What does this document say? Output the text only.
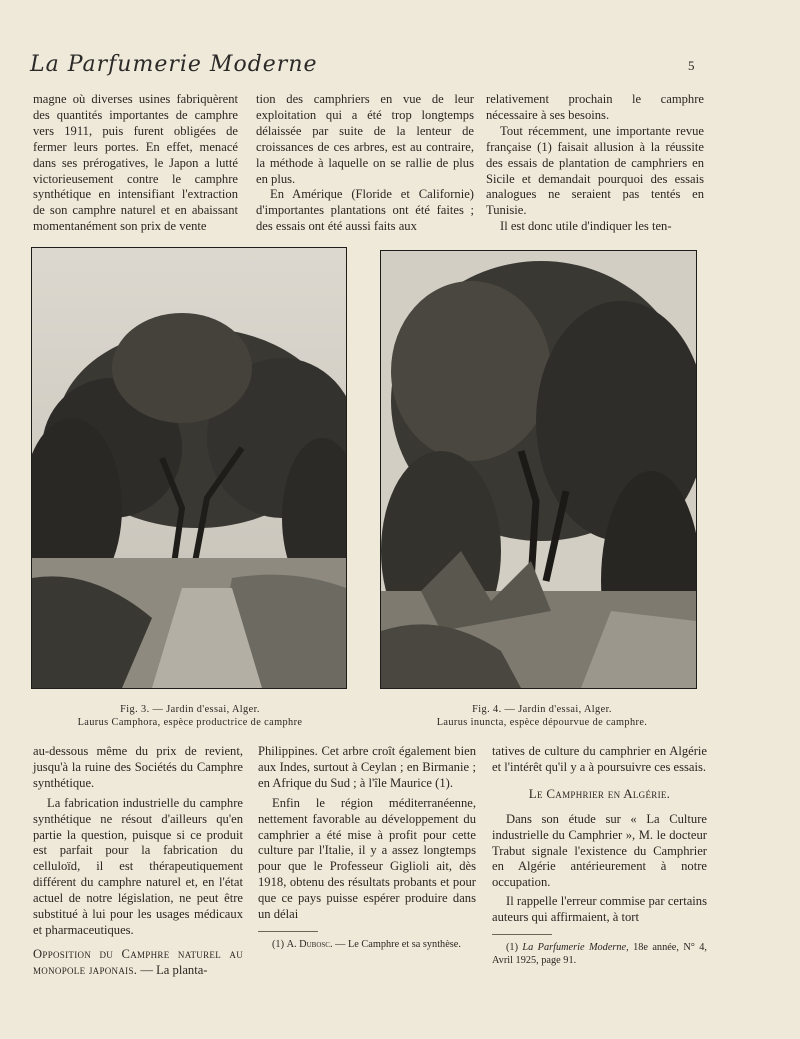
La Parfumerie Moderne	5

magne où diverses usines fabriquèrent des quantités importantes de camphre vers 1911, puis furent obligées de fermer leurs portes. En effet, menacé dans ses prérogatives, le Japon a lutté victorieusement contre le camphre synthétique en intensifiant l'extraction de son camphre naturel et en abaissant momentanément son prix de vente

tion des camphriers en vue de leur exploitation qui a été trop longtemps délaissée par suite de la lenteur de croissances de ces arbres, est au contraire, la méthode à laquelle on se rallie de plus en plus.

En Amérique (Floride et Californie) d'importantes plantations ont été faites ; des essais ont été aussi faits aux

relativement prochain le camphre nécessaire à ses besoins.

Tout récemment, une importante revue française (1) faisait allusion à la réussite des essais de plantation de camphriers en Sicile et demandait pourquoi des essais analogues ne seraient pas tentés en Tunisie.

Il est donc utile d'indiquer les ten-

Fig. 3. — Jardin d'essai, Alger.
Laurus Camphora, espèce productrice de camphre
Fig. 4. — Jardin d'essai, Alger.
Laurus inuncta, espèce dépourvue de camphre.

au-dessous même du prix de revient, jusqu'à la ruine des Sociétés du Camphre synthétique.

La fabrication industrielle du camphre synthétique ne résout d'ailleurs qu'en partie la question, puisque si ce produit est parfait pour la fabrication du celluloïd, il est thérapeutiquement différent du camphre naturel et, en l'état actuel de notre législation, ne peut être substitué à lui pour les usages médicaux et pharmaceutiques.

Opposition du Camphre naturel au monopole japonais. — La planta-

Philippines. Cet arbre croît également bien aux Indes, surtout à Ceylan ; en Birmanie ; en Afrique du Sud ; à l'île Maurice (1).

Enfin le région méditerranéenne, nettement favorable au développement du camphrier a été mise à profit pour cette culture par l'Italie, il y a assez longtemps pour que le Professeur Giglioli ait, dès 1918, obtenu des résultats probants et pour que ce pays puisse espérer produire dans un délai

(1) A. Dubosc. — Le Camphre et sa synthèse.

tatives de culture du camphrier en Algérie et l'intérêt qu'il y a à poursuivre ces essais.

Le Camphrier en Algérie.

Dans son étude sur « La Culture industrielle du Camphrier », M. le docteur Trabut signale l'existence du Camphrier en Algérie antérieurement à notre occupation.

Il rappelle l'erreur commise par certains auteurs qui affirmaient, à tort

(1) La Parfumerie Moderne, 18e année, N° 4, Avril 1925, page 91.
